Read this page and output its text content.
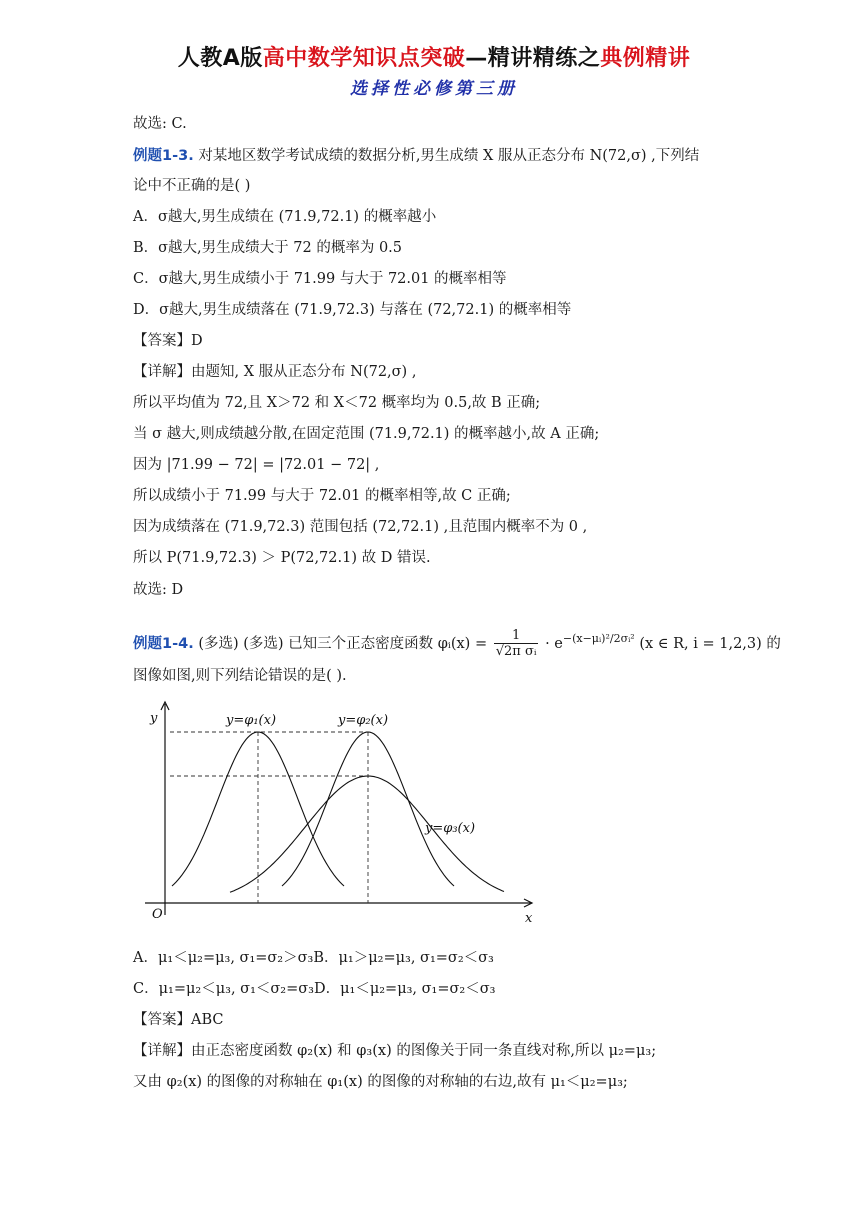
人教A版高中数学知识点突破—精讲精练之典例精讲
选择性必修第三册
故选: C.
例题1-3. 对某地区数学考试成绩的数据分析,男生成绩 X 服从正态分布 N(72,σ) ,下列结
论中不正确的是( )
A．σ越大,男生成绩在 (71.9,72.1) 的概率越小
B．σ越大,男生成绩大于 72 的概率为 0.5
C．σ越大,男生成绩小于 71.99 与大于 72.01 的概率相等
D．σ越大,男生成绩落在 (71.9,72.3) 与落在 (72,72.1) 的概率相等
【答案】D
【详解】由题知, X 服从正态分布 N(72,σ) ,
所以平均值为 72,且 X＞72 和 X＜72 概率均为 0.5,故 B 正确;
当 σ 越大,则成绩越分散,在固定范围 (71.9,72.1) 的概率越小,故 A 正确;
因为 |71.99 − 72| = |72.01 − 72| ,
所以成绩小于 71.99 与大于 72.01 的概率相等,故 C 正确;
因为成绩落在 (71.9,72.3) 范围包括 (72,72.1) ,且范围内概率不为 0 ,
所以 P(71.9,72.3) ＞ P(72,72.1) 故 D 错误.
故选: D
例题1-4. (多选) (多选) 已知三个正态密度函数 φᵢ(x) = $\frac{1}{\text{√2π σᵢ}} \cdot e^{-(x-\mu ᵢ)^2/2\sigma ᵢ^2}$ (x ∈ R, i = 1,2,3) 的
图像如图,则下列结论错误的是( ).
A．μ₁＜μ₂=μ₃, σ₁=σ₂＞σ₃B．μ₁＞μ₂=μ₃, σ₁=σ₂＜σ₃
C．μ₁=μ₂＜μ₃, σ₁＜σ₂=σ₃D．μ₁＜μ₂=μ₃, σ₁=σ₂＜σ₃
【答案】ABC
【详解】由正态密度函数 φ₂(x) 和 φ₃(x) 的图像关于同一条直线对称,所以 μ₂=μ₃;
又由 φ₂(x) 的图像的对称轴在 φ₁(x) 的图像的对称轴的右边,故有 μ₁＜μ₂=μ₃;
y
x
O
y=φ₁(x)	y=φ₂(x)
y=φ₃(x)
